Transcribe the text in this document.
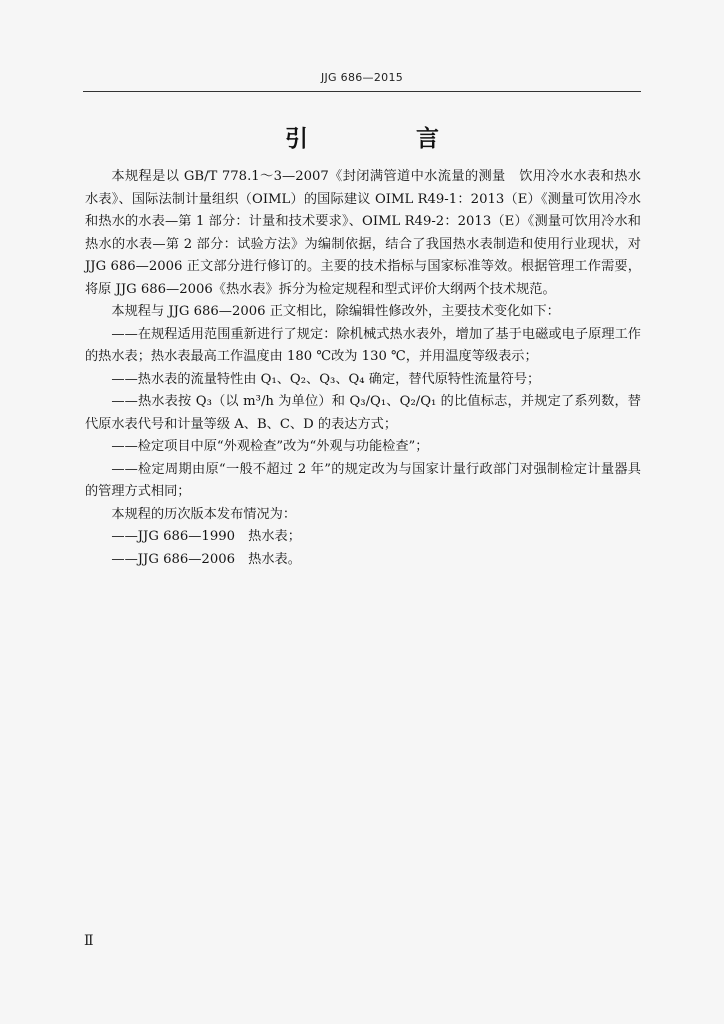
JJG 686—2015
引 言

本规程是以 GB/T 778.1～3—2007《封闭满管道中水流量的测量　饮用冷水水表和热水水表》、国际法制计量组织（OIML）的国际建议 OIML R49-1：2013（E）《测量可饮用冷水和热水的水表—第 1 部分：计量和技术要求》、OIML R49-2：2013（E）《测量可饮用冷水和热水的水表—第 2 部分：试验方法》为编制依据，结合了我国热水表制造和使用行业现状，对 JJG 686—2006 正文部分进行修订的。主要的技术指标与国家标准等效。根据管理工作需要，将原 JJG 686—2006《热水表》拆分为检定规程和型式评价大纲两个技术规范。

本规程与 JJG 686—2006 正文相比，除编辑性修改外，主要技术变化如下：

——在规程适用范围重新进行了规定：除机械式热水表外，增加了基于电磁或电子原理工作的热水表；热水表最高工作温度由 180 ℃改为 130 ℃，并用温度等级表示；

——热水表的流量特性由 Q₁、Q₂、Q₃、Q₄ 确定，替代原特性流量符号；

——热水表按 Q₃（以 m³/h 为单位）和 Q₃/Q₁、Q₂/Q₁ 的比值标志，并规定了系列数，替代原水表代号和计量等级 A、B、C、D 的表达方式；

——检定项目中原“外观检查”改为“外观与功能检查”；

——检定周期由原“一般不超过 2 年”的规定改为与国家计量行政部门对强制检定计量器具的管理方式相同；

本规程的历次版本发布情况为：

——JJG 686—1990　热水表；

——JJG 686—2006　热水表。

Ⅱ
